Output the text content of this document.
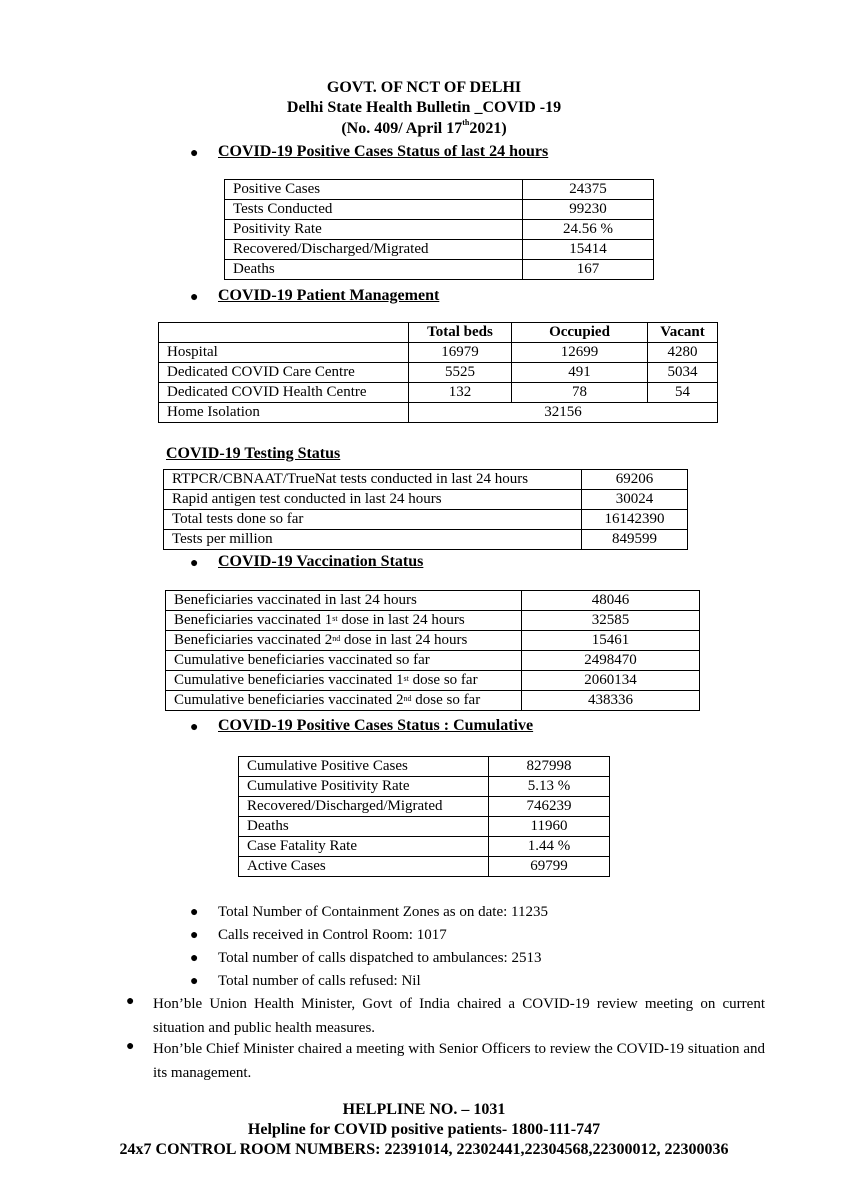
GOVT. OF NCT OF DELHI
Delhi State Health Bulletin _COVID -19
(No. 409/ April 17th2021)
● COVID-19 Positive Cases Status of last 24 hours
Positive Cases	24375
Tests Conducted	99230
Positivity Rate	24.56 %
Recovered/Discharged/Migrated	15414
Deaths	167
● COVID-19 Patient Management
	Total beds	Occupied	Vacant
Hospital	16979	12699	4280
Dedicated COVID Care Centre	5525	491	5034
Dedicated COVID Health Centre	132	78	54
Home Isolation	32156		
COVID-19 Testing Status
RTPCR/CBNAAT/TrueNat tests conducted in last 24 hours	69206
Rapid antigen test conducted in last 24 hours	30024
Total tests done so far	16142390
Tests per million	849599
● COVID-19 Vaccination Status
Beneficiaries vaccinated in last 24 hours	48046
Beneficiaries vaccinated 1st dose in last 24 hours	32585
Beneficiaries vaccinated 2nd dose in last 24 hours	15461
Cumulative beneficiaries vaccinated so far	2498470
Cumulative beneficiaries vaccinated 1st dose so far	2060134
Cumulative beneficiaries vaccinated 2nd dose so far	438336
● COVID-19 Positive Cases Status : Cumulative
Cumulative Positive Cases	827998
Cumulative Positivity Rate	5.13 %
Recovered/Discharged/Migrated	746239
Deaths	11960
Case Fatality Rate	1.44 %
Active Cases	69799
● Total Number of Containment Zones as on date: 11235
● Calls received in Control Room: 1017
● Total number of calls dispatched to ambulances: 2513
● Total number of calls refused: Nil
● Hon’ble Union Health Minister, Govt of India chaired a COVID-19 review meeting on current situation and public health measures.
● Hon’ble Chief Minister chaired a meeting with Senior Officers to review the COVID-19 situation and its management.
HELPLINE NO. – 1031
Helpline for COVID positive patients- 1800-111-747
24x7 CONTROL ROOM NUMBERS: 22391014, 22302441,22304568,22300012, 22300036
